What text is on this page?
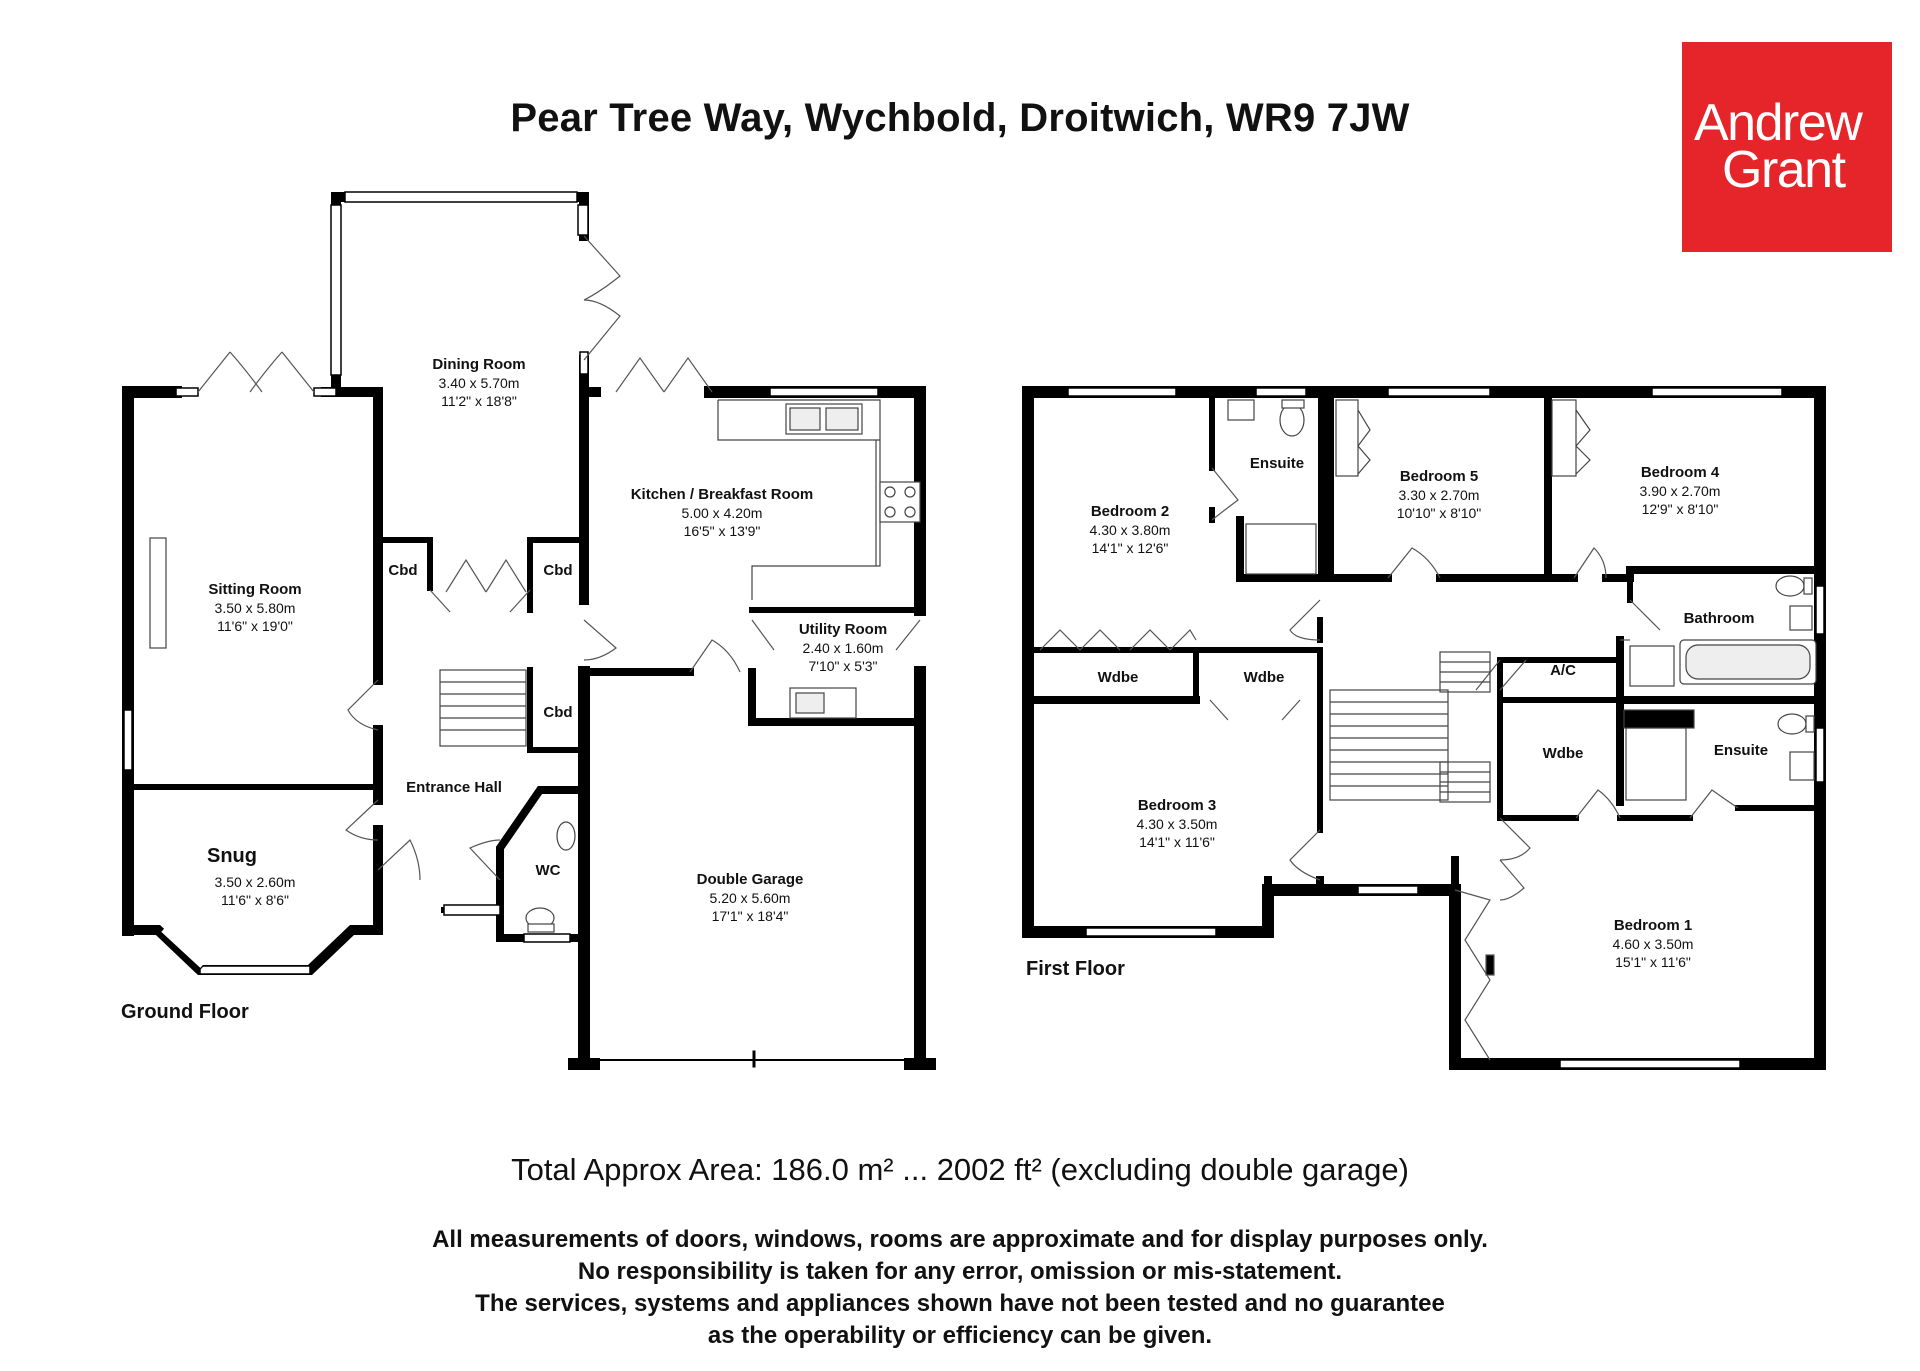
Pear Tree Way, Wychbold, Droitwich, WR9 7JW	Andrew
Grant
Dining Room
3.40 x 5.70m
11'2" x 18'8"
Sitting Room
3.50 x 5.80m
11'6" x 19'0"
Kitchen / Breakfast Room
5.00 x 4.20m
16'5" x 13'9"
Utility Room
2.40 x 1.60m
7'10" x 5'3"
Snug
3.50 x 2.60m
11'6" x 8'6"
Entrance Hall
WC
Double Garage
5.20 x 5.60m
17'1" x 18'4"
Cbd	Cbd
Cbd
Ground Floor
Bedroom 2
4.30 x 3.80m
14'1" x 12'6"
Ensuite
Bedroom 5
3.30 x 2.70m
10'10" x 8'10"
Bedroom 4
3.90 x 2.70m
12'9" x 8'10"
Bathroom
Wdbe	Wdbe	A/C
Wdbe	Ensuite
Bedroom 3
4.30 x 3.50m
14'1" x 11'6"
Bedroom 1
4.60 x 3.50m
15'1" x 11'6"
First Floor
Total Approx Area: 186.0 m² ... 2002 ft² (excluding double garage)
All measurements of doors, windows, rooms are approximate and for display purposes only.
No responsibility is taken for any error, omission or mis-statement.
The services, systems and appliances shown have not been tested and no guarantee
as the operability or efficiency can be given.
